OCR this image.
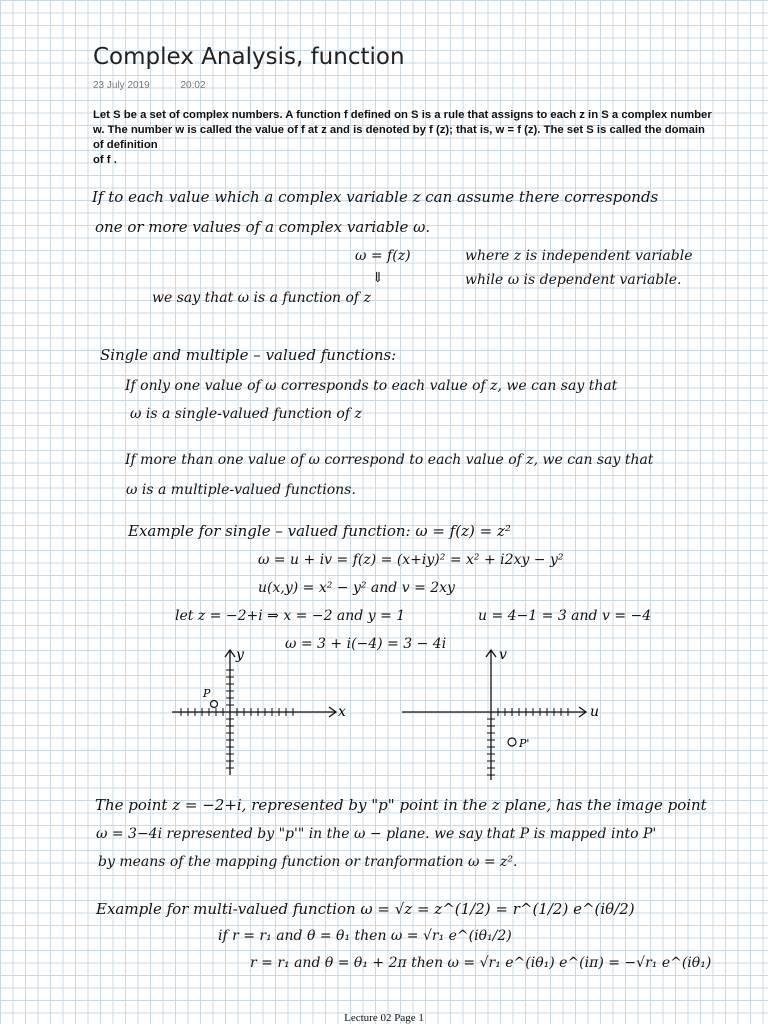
Complex Analysis, function
23 July 2019	20:02
Let S be a set of complex numbers. A function f defined on S is a rule that assigns to each z in S a complex number
w. The number w is called the value of f at z and is denoted by f (z); that is, w = f (z). The set S is called the domain
of definition
of f .
If to each value which a complex variable z can assume there corresponds
one or more values of a complex variable ω.
ω = f(z)	where z is independent variable
⇓	while ω is dependent variable.
we say that ω is a function of z
Single and multiple – valued functions:
If only one value of ω corresponds to each value of z, we can say that
ω is a single-valued function of z
If more than one value of ω correspond to each value of z, we can say that
ω is a multiple-valued functions.
Example for single – valued function: ω = f(z) = z²
ω = u + iv = f(z) = (x+iy)² = x² + i2xy − y²
u(x,y) = x² − y² and v = 2xy
let z = −2+i ⇒ x = −2 and y = 1	u = 4−1 = 3 and v = −4
ω = 3 + i(−4) = 3 − 4i
x
y
P
u
v
P'
The point z = −2+i, represented by "p" point in the z plane, has the image point
ω = 3−4i represented by "p'" in the ω − plane. we say that P is mapped into P'
by means of the mapping function or tranformation ω = z².
Example for multi-valued function ω = √z = z^(1/2) = r^(1/2) e^(iθ/2)
if r = r₁ and θ = θ₁ then ω = √r₁ e^(iθ₁/2)
r = r₁ and θ = θ₁ + 2π then ω = √r₁ e^(iθ₁) e^(iπ) = −√r₁ e^(iθ₁)
Lecture 02 Page 1
